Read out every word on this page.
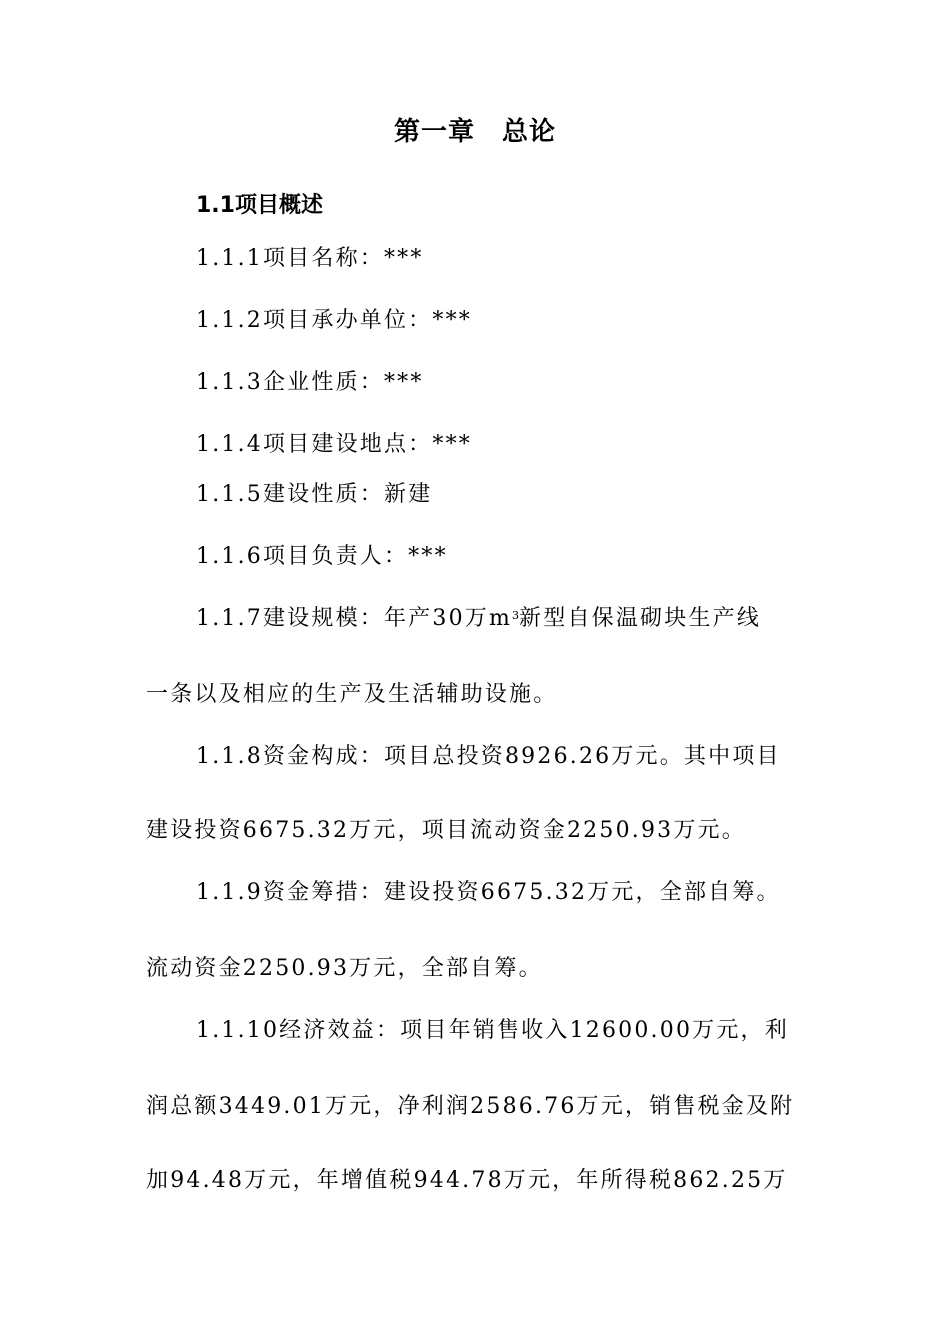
第一章　总论
1.1项目概述
1.1.1项目名称：***
1.1.2项目承办单位：***
1.1.3企业性质：***
1.1.4项目建设地点：***
1.1.5建设性质：新建
1.1.6项目负责人：***
1.1.7建设规模：年产30万$m^3$新型自保温砌块生产线
一条以及相应的生产及生活辅助设施。
1.1.8资金构成：项目总投资8926.26万元。其中项目
建设投资6675.32万元，项目流动资金2250.93万元。
1.1.9资金筹措：建设投资6675.32万元，全部自筹。
流动资金2250.93万元，全部自筹。
1.1.10经济效益：项目年销售收入12600.00万元，利
润总额3449.01万元，净利润2586.76万元，销售税金及附
加94.48万元，年增值税944.78万元，年所得税862.25万
